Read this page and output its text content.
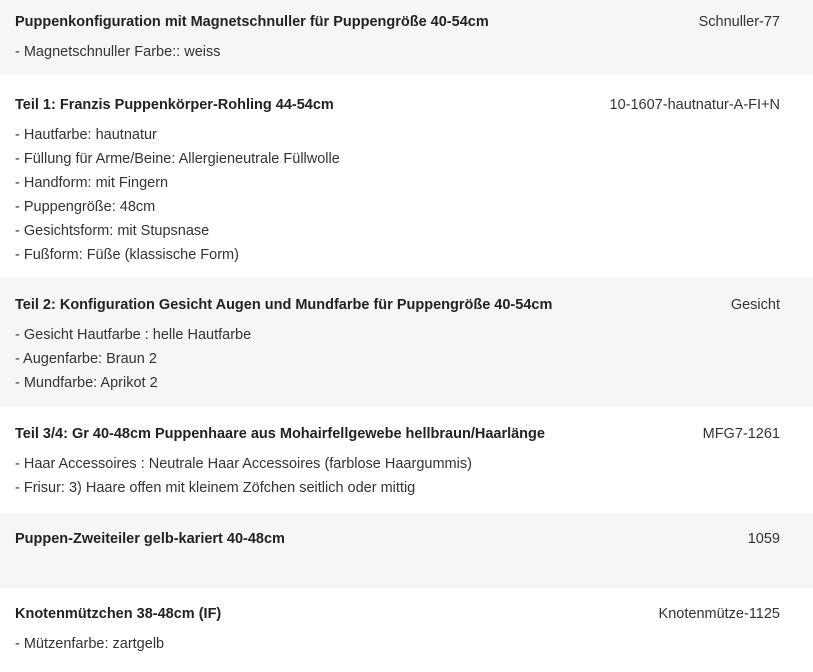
Puppenkonfiguration mit Magnetschnuller für Puppengröße 40-54cm	Schnuller-77
- Magnetschnuller Farbe:: weiss
Teil 1: Franzis Puppenkörper-Rohling 44-54cm	10-1607-hautnatur-A-FI+N
- Hautfarbe: hautnatur
- Füllung für Arme/Beine: Allergieneutrale Füllwolle
- Handform: mit Fingern
- Puppengröße: 48cm
- Gesichtsform: mit Stupsnase
- Fußform: Füße (klassische Form)
Teil 2: Konfiguration Gesicht Augen und Mundfarbe für Puppengröße 40-54cm	Gesicht
- Gesicht Hautfarbe : helle Hautfarbe
- Augenfarbe: Braun 2
- Mundfarbe: Aprikot 2
Teil 3/4: Gr 40-48cm Puppenhaare aus Mohairfellgewebe hellbraun/Haarlänge	MFG7-1261
- Haar Accessoires : Neutrale Haar Accessoires (farblose Haargummis)
- Frisur: 3) Haare offen mit kleinem Zöfchen seitlich oder mittig
Puppen-Zweiteiler gelb-kariert 40-48cm	1059
Knotenmützchen 38-48cm (IF)	Knotenmütze-1125
- Mützenfarbe: zartgelb
